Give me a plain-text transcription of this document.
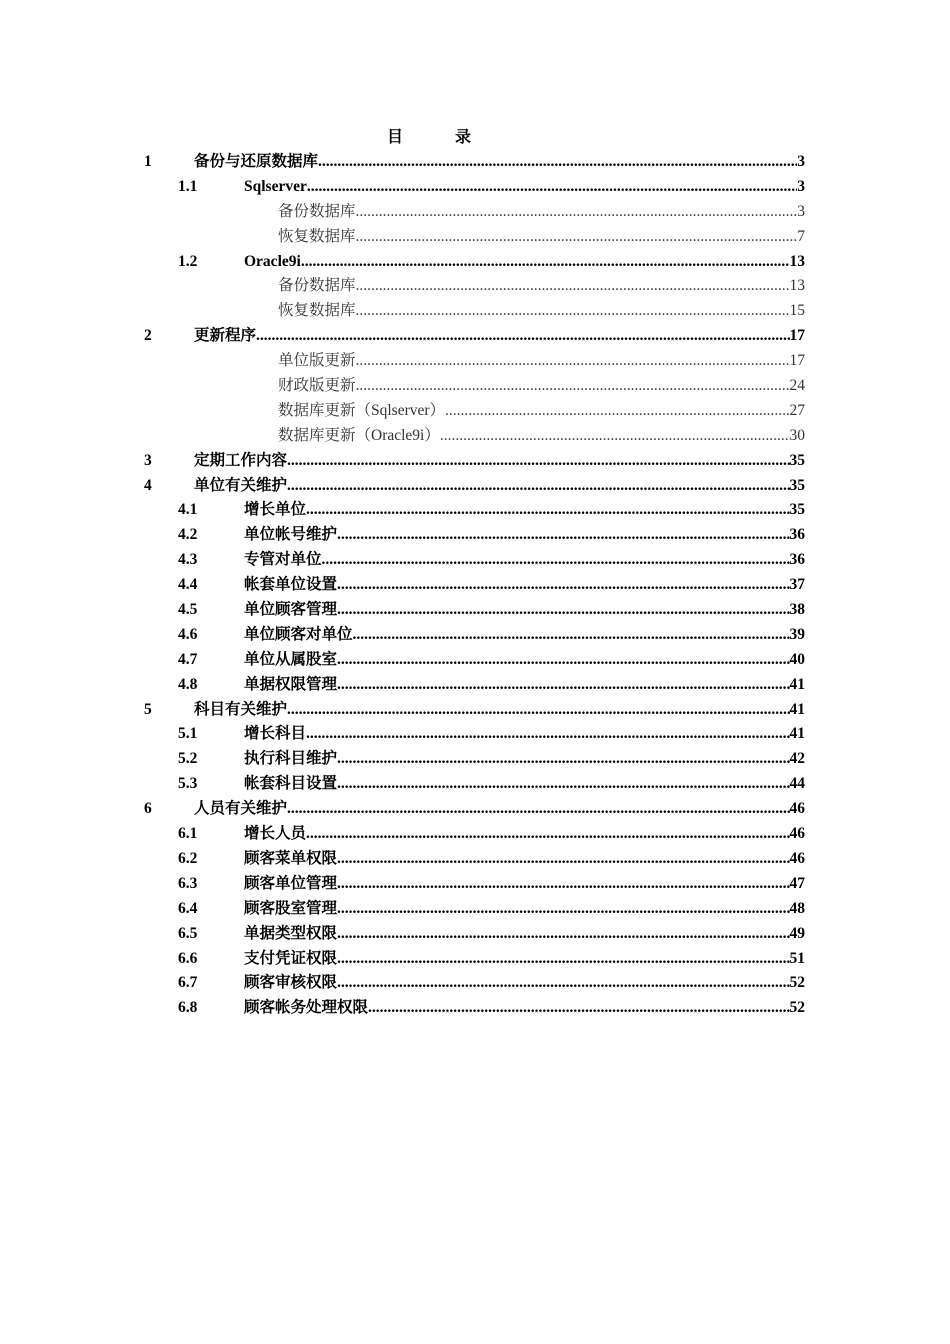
目　录
1	备份与还原数据库 .....	3
1.1	Sqlserver .....	3
备份数据库 .....	3
恢复数据库 .....	7
1.2	Oracle9i .....	13
备份数据库 .....	13
恢复数据库 .....	15
2	更新程序 .....	17
单位版更新 .....	17
财政版更新 .....	24
数据库更新（Sqlserver） .....	27
数据库更新（Oracle9i） .....	30
3	定期工作内容 .....	35
4	单位有关维护 .....	35
4.1	增长单位 .....	35
4.2	单位帐号维护 .....	36
4.3	专管对单位 .....	36
4.4	帐套单位设置 .....	37
4.5	单位顾客管理 .....	38
4.6	单位顾客对单位 .....	39
4.7	单位从属股室 .....	40
4.8	单据权限管理 .....	41
5	科目有关维护 .....	41
5.1	增长科目 .....	41
5.2	执行科目维护 .....	42
5.3	帐套科目设置 .....	44
6	人员有关维护 .....	46
6.1	增长人员 .....	46
6.2	顾客菜单权限 .....	46
6.3	顾客单位管理 .....	47
6.4	顾客股室管理 .....	48
6.5	单据类型权限 .....	49
6.6	支付凭证权限 .....	51
6.7	顾客审核权限 .....	52
6.8	顾客帐务处理权限 .....	52
